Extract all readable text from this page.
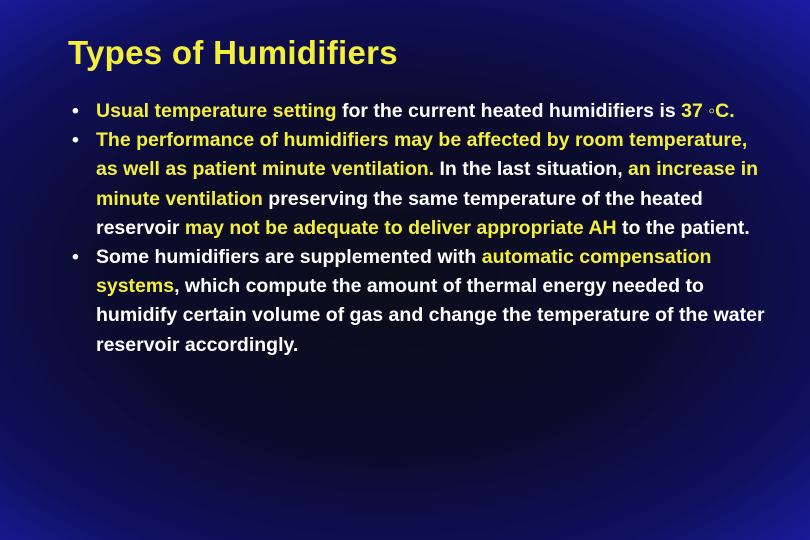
Types of Humidifiers
• Usual temperature setting for the current heated humidifiers is 37 ◦C.
• The performance of humidifiers may be affected by room temperature, as well as patient minute ventilation. In the last situation, an increase in minute ventilation preserving the same temperature of the heated reservoir may not be adequate to deliver appropriate AH to the patient.
• Some humidifiers are supplemented with automatic compensation systems, which compute the amount of thermal energy needed to humidify certain volume of gas and change the temperature of the water reservoir accordingly.
